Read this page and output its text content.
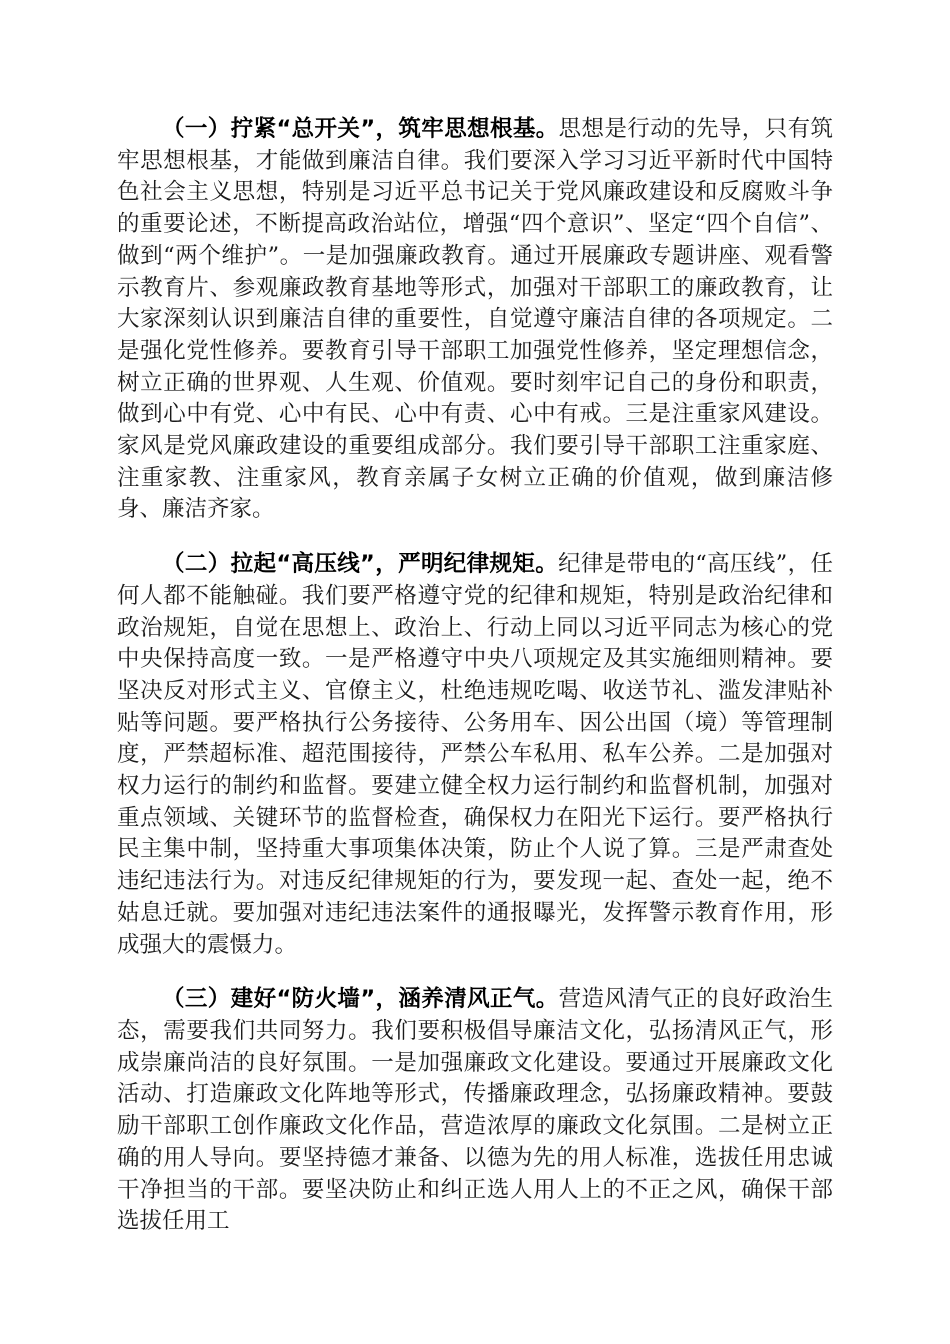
（一）拧紧“总开关”，筑牢思想根基。思想是行动的先导，只有筑牢思想根基，才能做到廉洁自律。我们要深入学习习近平新时代中国特色社会主义思想，特别是习近平总书记关于党风廉政建设和反腐败斗争的重要论述，不断提高政治站位，增强“四个意识”、坚定“四个自信”、做到“两个维护”。一是加强廉政教育。通过开展廉政专题讲座、观看警示教育片、参观廉政教育基地等形式，加强对干部职工的廉政教育，让大家深刻认识到廉洁自律的重要性，自觉遵守廉洁自律的各项规定。二是强化党性修养。要教育引导干部职工加强党性修养，坚定理想信念，树立正确的世界观、人生观、价值观。要时刻牢记自己的身份和职责，做到心中有党、心中有民、心中有责、心中有戒。三是注重家风建设。家风是党风廉政建设的重要组成部分。我们要引导干部职工注重家庭、注重家教、注重家风，教育亲属子女树立正确的价值观，做到廉洁修身、廉洁齐家。

（二）拉起“高压线”，严明纪律规矩。纪律是带电的“高压线”，任何人都不能触碰。我们要严格遵守党的纪律和规矩，特别是政治纪律和政治规矩，自觉在思想上、政治上、行动上同以习近平同志为核心的党中央保持高度一致。一是严格遵守中央八项规定及其实施细则精神。要坚决反对形式主义、官僚主义，杜绝违规吃喝、收送节礼、滥发津贴补贴等问题。要严格执行公务接待、公务用车、因公出国（境）等管理制度，严禁超标准、超范围接待，严禁公车私用、私车公养。二是加强对权力运行的制约和监督。要建立健全权力运行制约和监督机制，加强对重点领域、关键环节的监督检查，确保权力在阳光下运行。要严格执行民主集中制，坚持重大事项集体决策，防止个人说了算。三是严肃查处违纪违法行为。对违反纪律规矩的行为，要发现一起、查处一起，绝不姑息迁就。要加强对违纪违法案件的通报曝光，发挥警示教育作用，形成强大的震慑力。

（三）建好“防火墙”，涵养清风正气。营造风清气正的良好政治生态，需要我们共同努力。我们要积极倡导廉洁文化，弘扬清风正气，形成崇廉尚洁的良好氛围。一是加强廉政文化建设。要通过开展廉政文化活动、打造廉政文化阵地等形式，传播廉政理念，弘扬廉政精神。要鼓励干部职工创作廉政文化作品，营造浓厚的廉政文化氛围。二是树立正确的用人导向。要坚持德才兼备、以德为先的用人标准，选拔任用忠诚干净担当的干部。要坚决防止和纠正选人用人上的不正之风，确保干部选拔任用工
